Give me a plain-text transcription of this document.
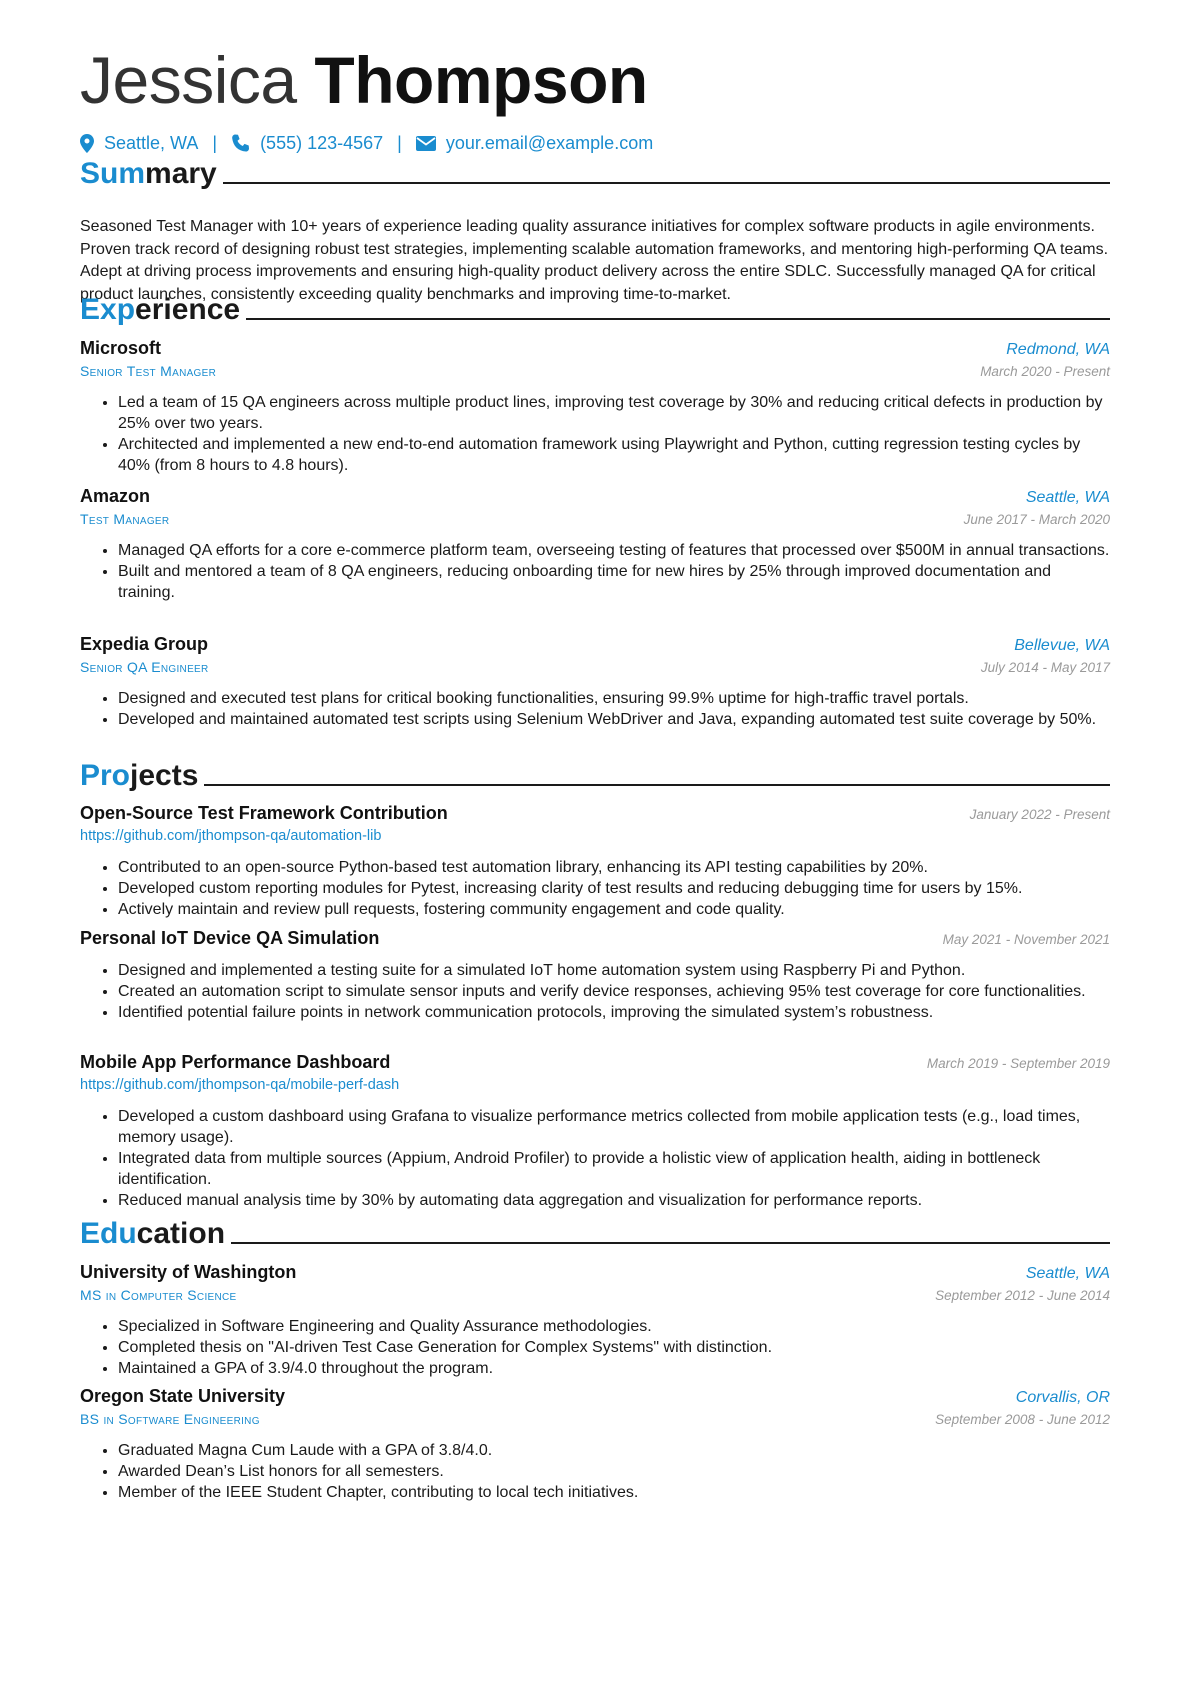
Jessica Thompson
Seattle, WA | (555) 123-4567 | your.email@example.com
Summary

Seasoned Test Manager with 10+ years of experience leading quality assurance initiatives for complex software products in agile environments. Proven track record of designing robust test strategies, implementing scalable automation frameworks, and mentoring high-performing QA teams. Adept at driving process improvements and ensuring high-quality product delivery across the entire SDLC. Successfully managed QA for critical product launches, consistently exceeding quality benchmarks and improving time-to-market.

Experience
Microsoft	Redmond, WA
Senior Test Manager	March 2020 - Present
• Led a team of 15 QA engineers across multiple product lines, improving test coverage by 30% and reducing critical defects in production by 25% over two years.
• Architected and implemented a new end-to-end automation framework using Playwright and Python, cutting regression testing cycles by 40% (from 8 hours to 4.8 hours).
Amazon	Seattle, WA
Test Manager	June 2017 - March 2020
• Managed QA efforts for a core e-commerce platform team, overseeing testing of features that processed over $500M in annual transactions.
• Built and mentored a team of 8 QA engineers, reducing onboarding time for new hires by 25% through improved documentation and training.
Expedia Group	Bellevue, WA
Senior QA Engineer	July 2014 - May 2017
• Designed and executed test plans for critical booking functionalities, ensuring 99.9% uptime for high-traffic travel portals.
• Developed and maintained automated test scripts using Selenium WebDriver and Java, expanding automated test suite coverage by 50%.
Projects
Open-Source Test Framework Contribution	January 2022 - Present
https://github.com/jthompson-qa/automation-lib
• Contributed to an open-source Python-based test automation library, enhancing its API testing capabilities by 20%.
• Developed custom reporting modules for Pytest, increasing clarity of test results and reducing debugging time for users by 15%.
• Actively maintain and review pull requests, fostering community engagement and code quality.
Personal IoT Device QA Simulation	May 2021 - November 2021
• Designed and implemented a testing suite for a simulated IoT home automation system using Raspberry Pi and Python.
• Created an automation script to simulate sensor inputs and verify device responses, achieving 95% test coverage for core functionalities.
• Identified potential failure points in network communication protocols, improving the simulated system’s robustness.
Mobile App Performance Dashboard	March 2019 - September 2019
https://github.com/jthompson-qa/mobile-perf-dash
• Developed a custom dashboard using Grafana to visualize performance metrics collected from mobile application tests (e.g., load times, memory usage).
• Integrated data from multiple sources (Appium, Android Profiler) to provide a holistic view of application health, aiding in bottleneck identification.
• Reduced manual analysis time by 30% by automating data aggregation and visualization for performance reports.
Education
University of Washington	Seattle, WA
MS in Computer Science	September 2012 - June 2014
• Specialized in Software Engineering and Quality Assurance methodologies.
• Completed thesis on "AI-driven Test Case Generation for Complex Systems" with distinction.
• Maintained a GPA of 3.9/4.0 throughout the program.
Oregon State University	Corvallis, OR
BS in Software Engineering	September 2008 - June 2012
• Graduated Magna Cum Laude with a GPA of 3.8/4.0.
• Awarded Dean’s List honors for all semesters.
• Member of the IEEE Student Chapter, contributing to local tech initiatives.
